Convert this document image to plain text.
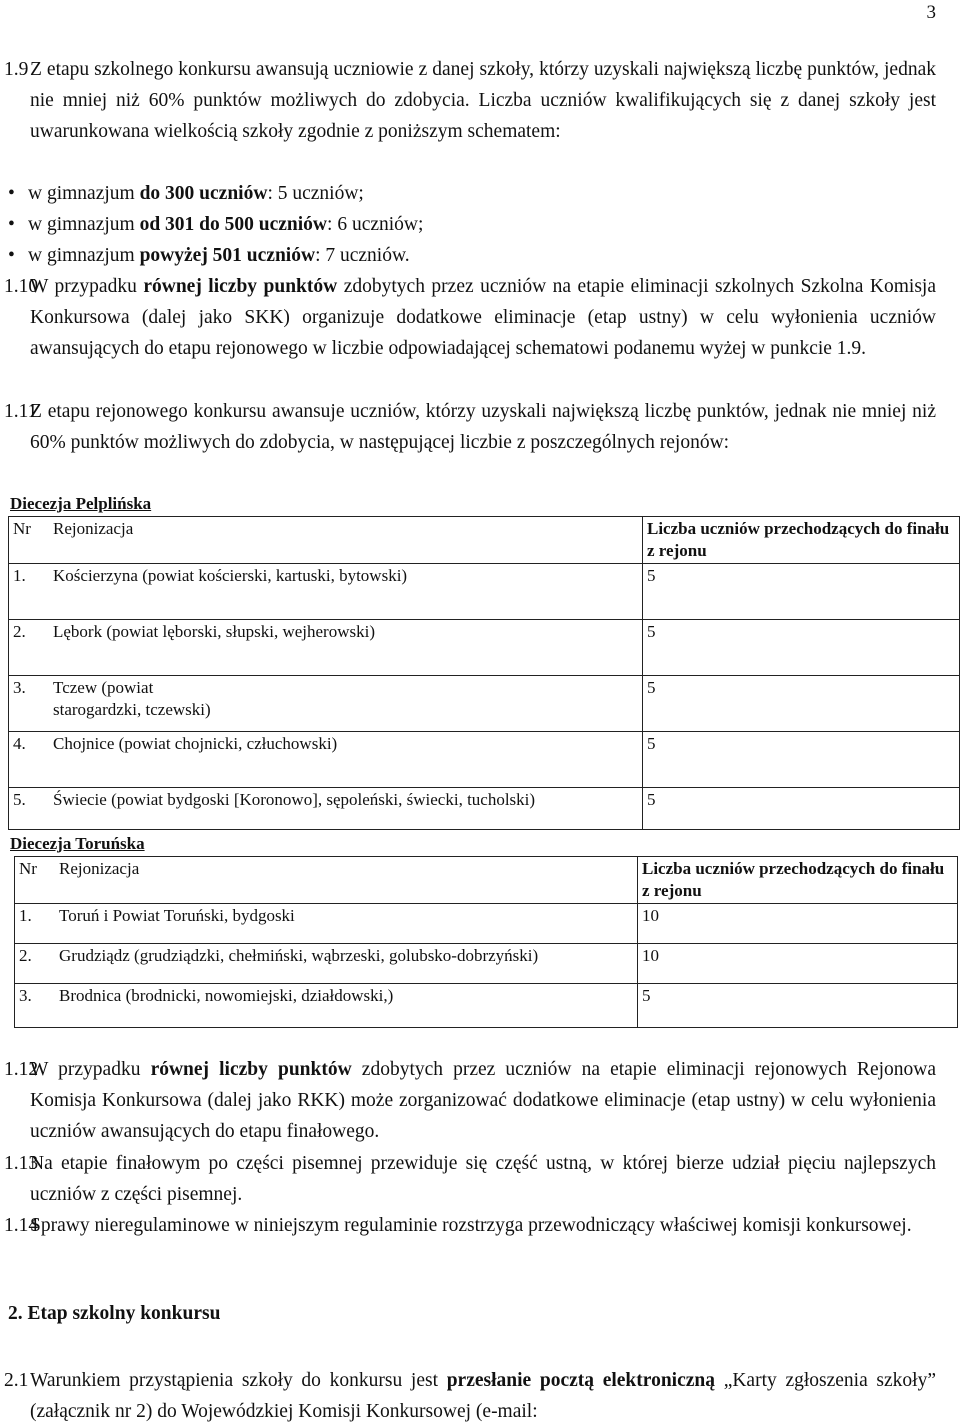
3
1.9 Z etapu szkolnego konkursu awansują uczniowie z danej szkoły, którzy uzyskali największą liczbę punktów, jednak nie mniej niż 60% punktów możliwych do zdobycia. Liczba uczniów kwalifikujących się z danej szkoły jest uwarunkowana wielkością szkoły zgodnie z poniższym schematem:
• w gimnazjum do 300 uczniów: 5 uczniów;
• w gimnazjum od 301 do 500 uczniów: 6 uczniów;
• w gimnazjum powyżej 501 uczniów: 7 uczniów.
1.10
W przypadku równej liczby punktów zdobytych przez uczniów na etapie eliminacji szkolnych Szkolna Komisja Konkursowa (dalej jako SKK) organizuje dodatkowe eliminacje (etap ustny) w celu wyłonienia uczniów awansujących do etapu rejonowego w liczbie odpowiadającej schematowi podanemu wyżej w punkcie 1.9.
1.11
Z etapu rejonowego konkursu awansuje uczniów, którzy uzyskali największą liczbę punktów, jednak nie mniej niż 60% punktów możliwych do zdobycia, w następującej liczbie z poszczególnych rejonów:
Diecezja Pelplińska
Nr	Rejonizacja	Liczba uczniów przechodzących do finału z rejonu
1.	Kościerzyna (powiat kościerski, kartuski, bytowski)	5
2.	Lębork (powiat lęborski, słupski, wejherowski)	5
3.	Tczew (powiat starogardzki, tczewski)	5
4.	Chojnice (powiat chojnicki, człuchowski)	5
5.	Świecie (powiat bydgoski [Koronowo], sępoleński, świecki, tucholski)	5
Diecezja Toruńska
Nr	Rejonizacja	Liczba uczniów przechodzących do finału z rejonu
1.	Toruń i Powiat Toruński, bydgoski	10
2.	Grudziądz (grudziądzki, chełmiński, wąbrzeski, golubsko-dobrzyński)	10
3.	Brodnica (brodnicki, nowomiejski, działdowski,)	5
1.12
W przypadku równej liczby punktów zdobytych przez uczniów na etapie eliminacji rejonowych Rejonowa Komisja Konkursowa (dalej jako RKK) może zorganizować dodatkowe eliminacje (etap ustny) w celu wyłonienia uczniów awansujących do etapu finałowego.
1.13
Na etapie finałowym po części pisemnej przewiduje się część ustną, w której bierze udział pięciu najlepszych uczniów z części pisemnej.
1.14
Sprawy nieregulaminowe w niniejszym regulaminie rozstrzyga przewodniczący właściwej komisji konkursowej.
2. Etap szkolny konkursu
2.1 Warunkiem przystąpienia szkoły do konkursu jest przesłanie pocztą elektroniczną „Karty zgłoszenia szkoły” (załącznik nr 2) do Wojewódzkiej Komisji Konkursowej (e-mail:
